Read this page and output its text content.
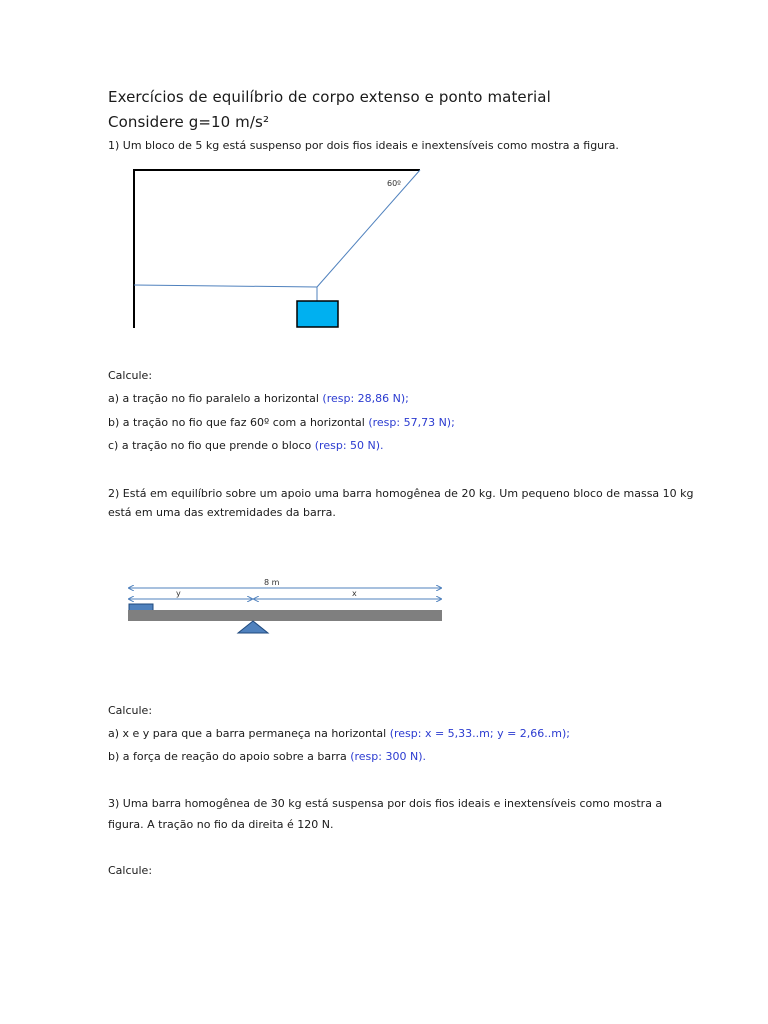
Exercícios de equilíbrio de corpo extenso e ponto material
Considere g=10 m/s²
1) Um bloco de 5 kg está suspenso por dois fios ideais e inextensíveis como mostra a figura.
60º
Calcule:
a) a tração no fio paralelo a horizontal (resp: 28,86 N);
b) a tração no fio que faz 60º com a horizontal (resp: 57,73 N);
c) a tração no fio que prende o bloco (resp: 50 N).
2) Está em equilíbrio sobre um apoio uma barra homogênea de 20 kg. Um pequeno bloco de massa 10 kg
está em uma das extremidades da barra.
8 m
y	x
Calcule:
a) x e y para que a barra permaneça na horizontal (resp: x = 5,33..m; y = 2,66..m);
b) a força de reação do apoio sobre a barra (resp: 300 N).
3) Uma barra homogênea de 30 kg está suspensa por dois fios ideais e inextensíveis como mostra a
figura. A tração no fio da direita é 120 N.
Calcule:
